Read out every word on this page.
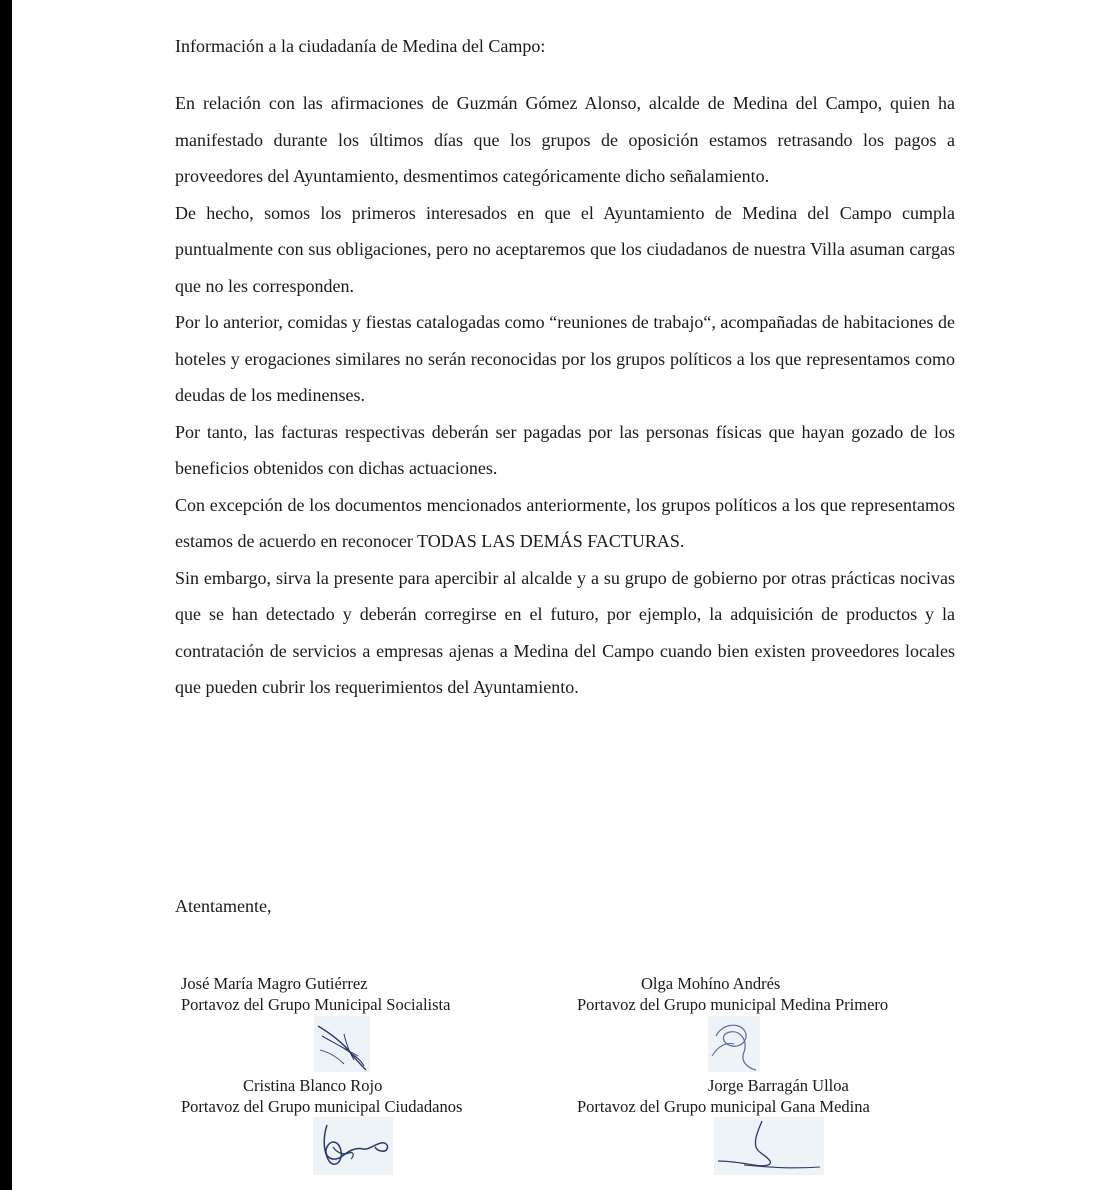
Información a la ciudadanía de Medina del Campo:

En relación con las afirmaciones de Guzmán Gómez Alonso, alcalde de Medina del Campo, quien ha manifestado durante los últimos días que los grupos de oposición estamos retrasando los pagos a proveedores del Ayuntamiento, desmentimos categóricamente dicho señalamiento.

De hecho, somos los primeros interesados en que el Ayuntamiento de Medina del Campo cumpla puntualmente con sus obligaciones, pero no aceptaremos que los ciudadanos de nuestra Villa asuman cargas que no les corresponden.

Por lo anterior, comidas y fiestas catalogadas como “reuniones de trabajo“, acompañadas de habitaciones de hoteles y erogaciones similares no serán reconocidas por los grupos políticos a los que representamos como deudas de los medinenses.

Por tanto, las facturas respectivas deberán ser pagadas por las personas físicas que hayan gozado de los beneficios obtenidos con dichas actuaciones.

Con excepción de los documentos mencionados anteriormente, los grupos políticos a los que representamos estamos de acuerdo en reconocer TODAS LAS DEMÁS FACTURAS.

Sin embargo, sirva la presente para apercibir al alcalde y a su grupo de gobierno por otras prácticas nocivas que se han detectado y deberán corregirse en el futuro, por ejemplo, la adquisición de productos y la contratación de servicios a empresas ajenas a Medina del Campo cuando bien existen proveedores locales que pueden cubrir los requerimientos del Ayuntamiento.

Atentamente,
José María Magro Gutiérrez
Portavoz del Grupo Municipal Socialista
Olga Mohíno Andrés
Portavoz del Grupo municipal Medina Primero
Cristina Blanco Rojo
Portavoz del Grupo municipal Ciudadanos
Jorge Barragán Ulloa
Portavoz del Grupo municipal Gana Medina
